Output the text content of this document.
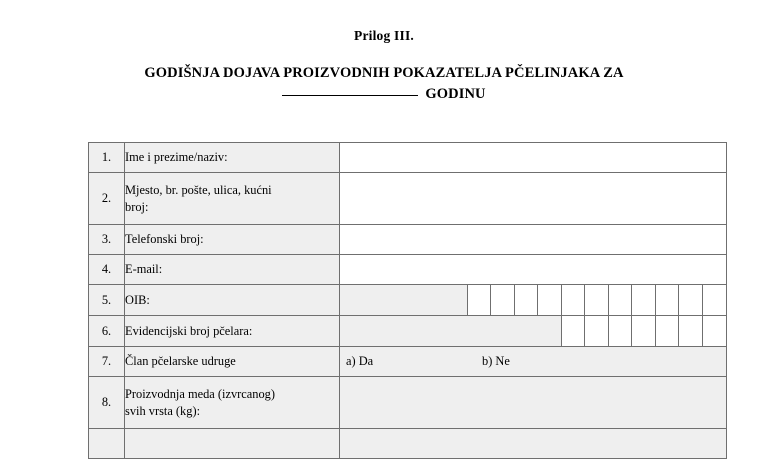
Prilog III.
GODIŠNJA DOJAVA PROIZVODNIH POKAZATELJA PČELINJAKA ZA
GODINU
1.	Ime i prezime/naziv:	

2.	Mjesto, br. pošte, ulica, kućni
broj:	

3.	Telefonski broj:	

4.	E-mail:	

5.	OIB:	

6.	Evidencijski broj pčelara:	

7.	Član pčelarske udruge	a) Da b) Ne

8.	Proizvodnja meda (izvrcanog)
svih vrsta (kg):	
